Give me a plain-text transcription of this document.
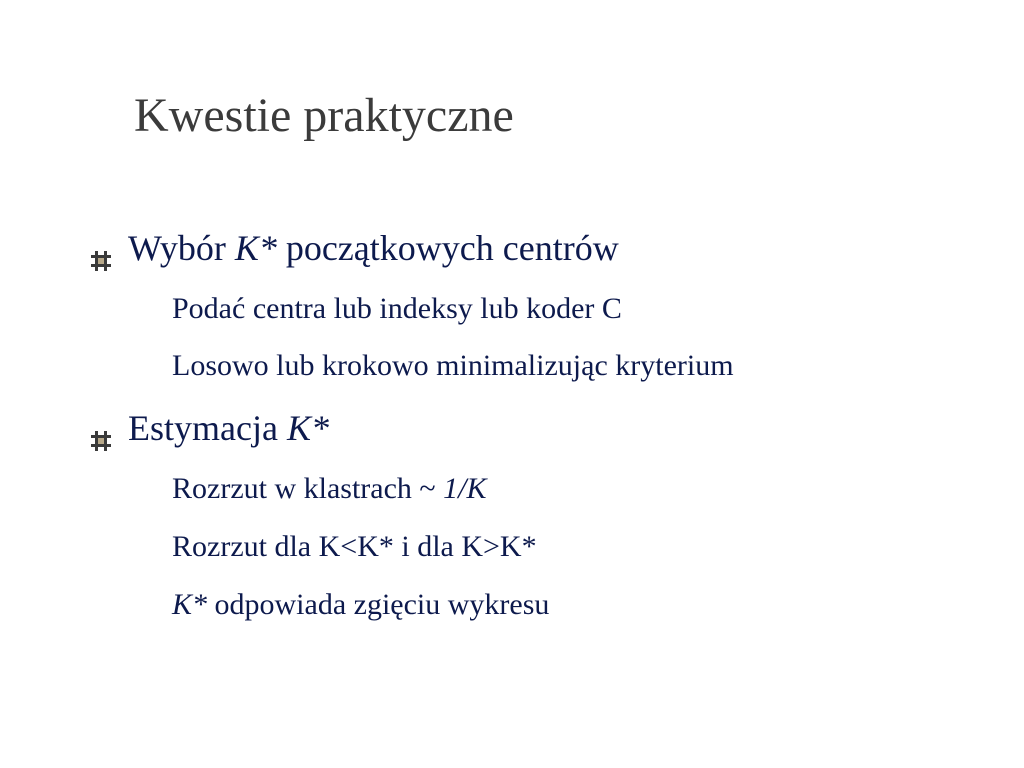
Kwestie praktyczne
Wybór K* początkowych centrów
Podać centra lub indeksy lub koder C
Losowo lub krokowo minimalizując kryterium
Estymacja K*
Rozrzut w klastrach ~ 1/K
Rozrzut dla K<K* i dla K>K*
K* odpowiada zgięciu wykresu
